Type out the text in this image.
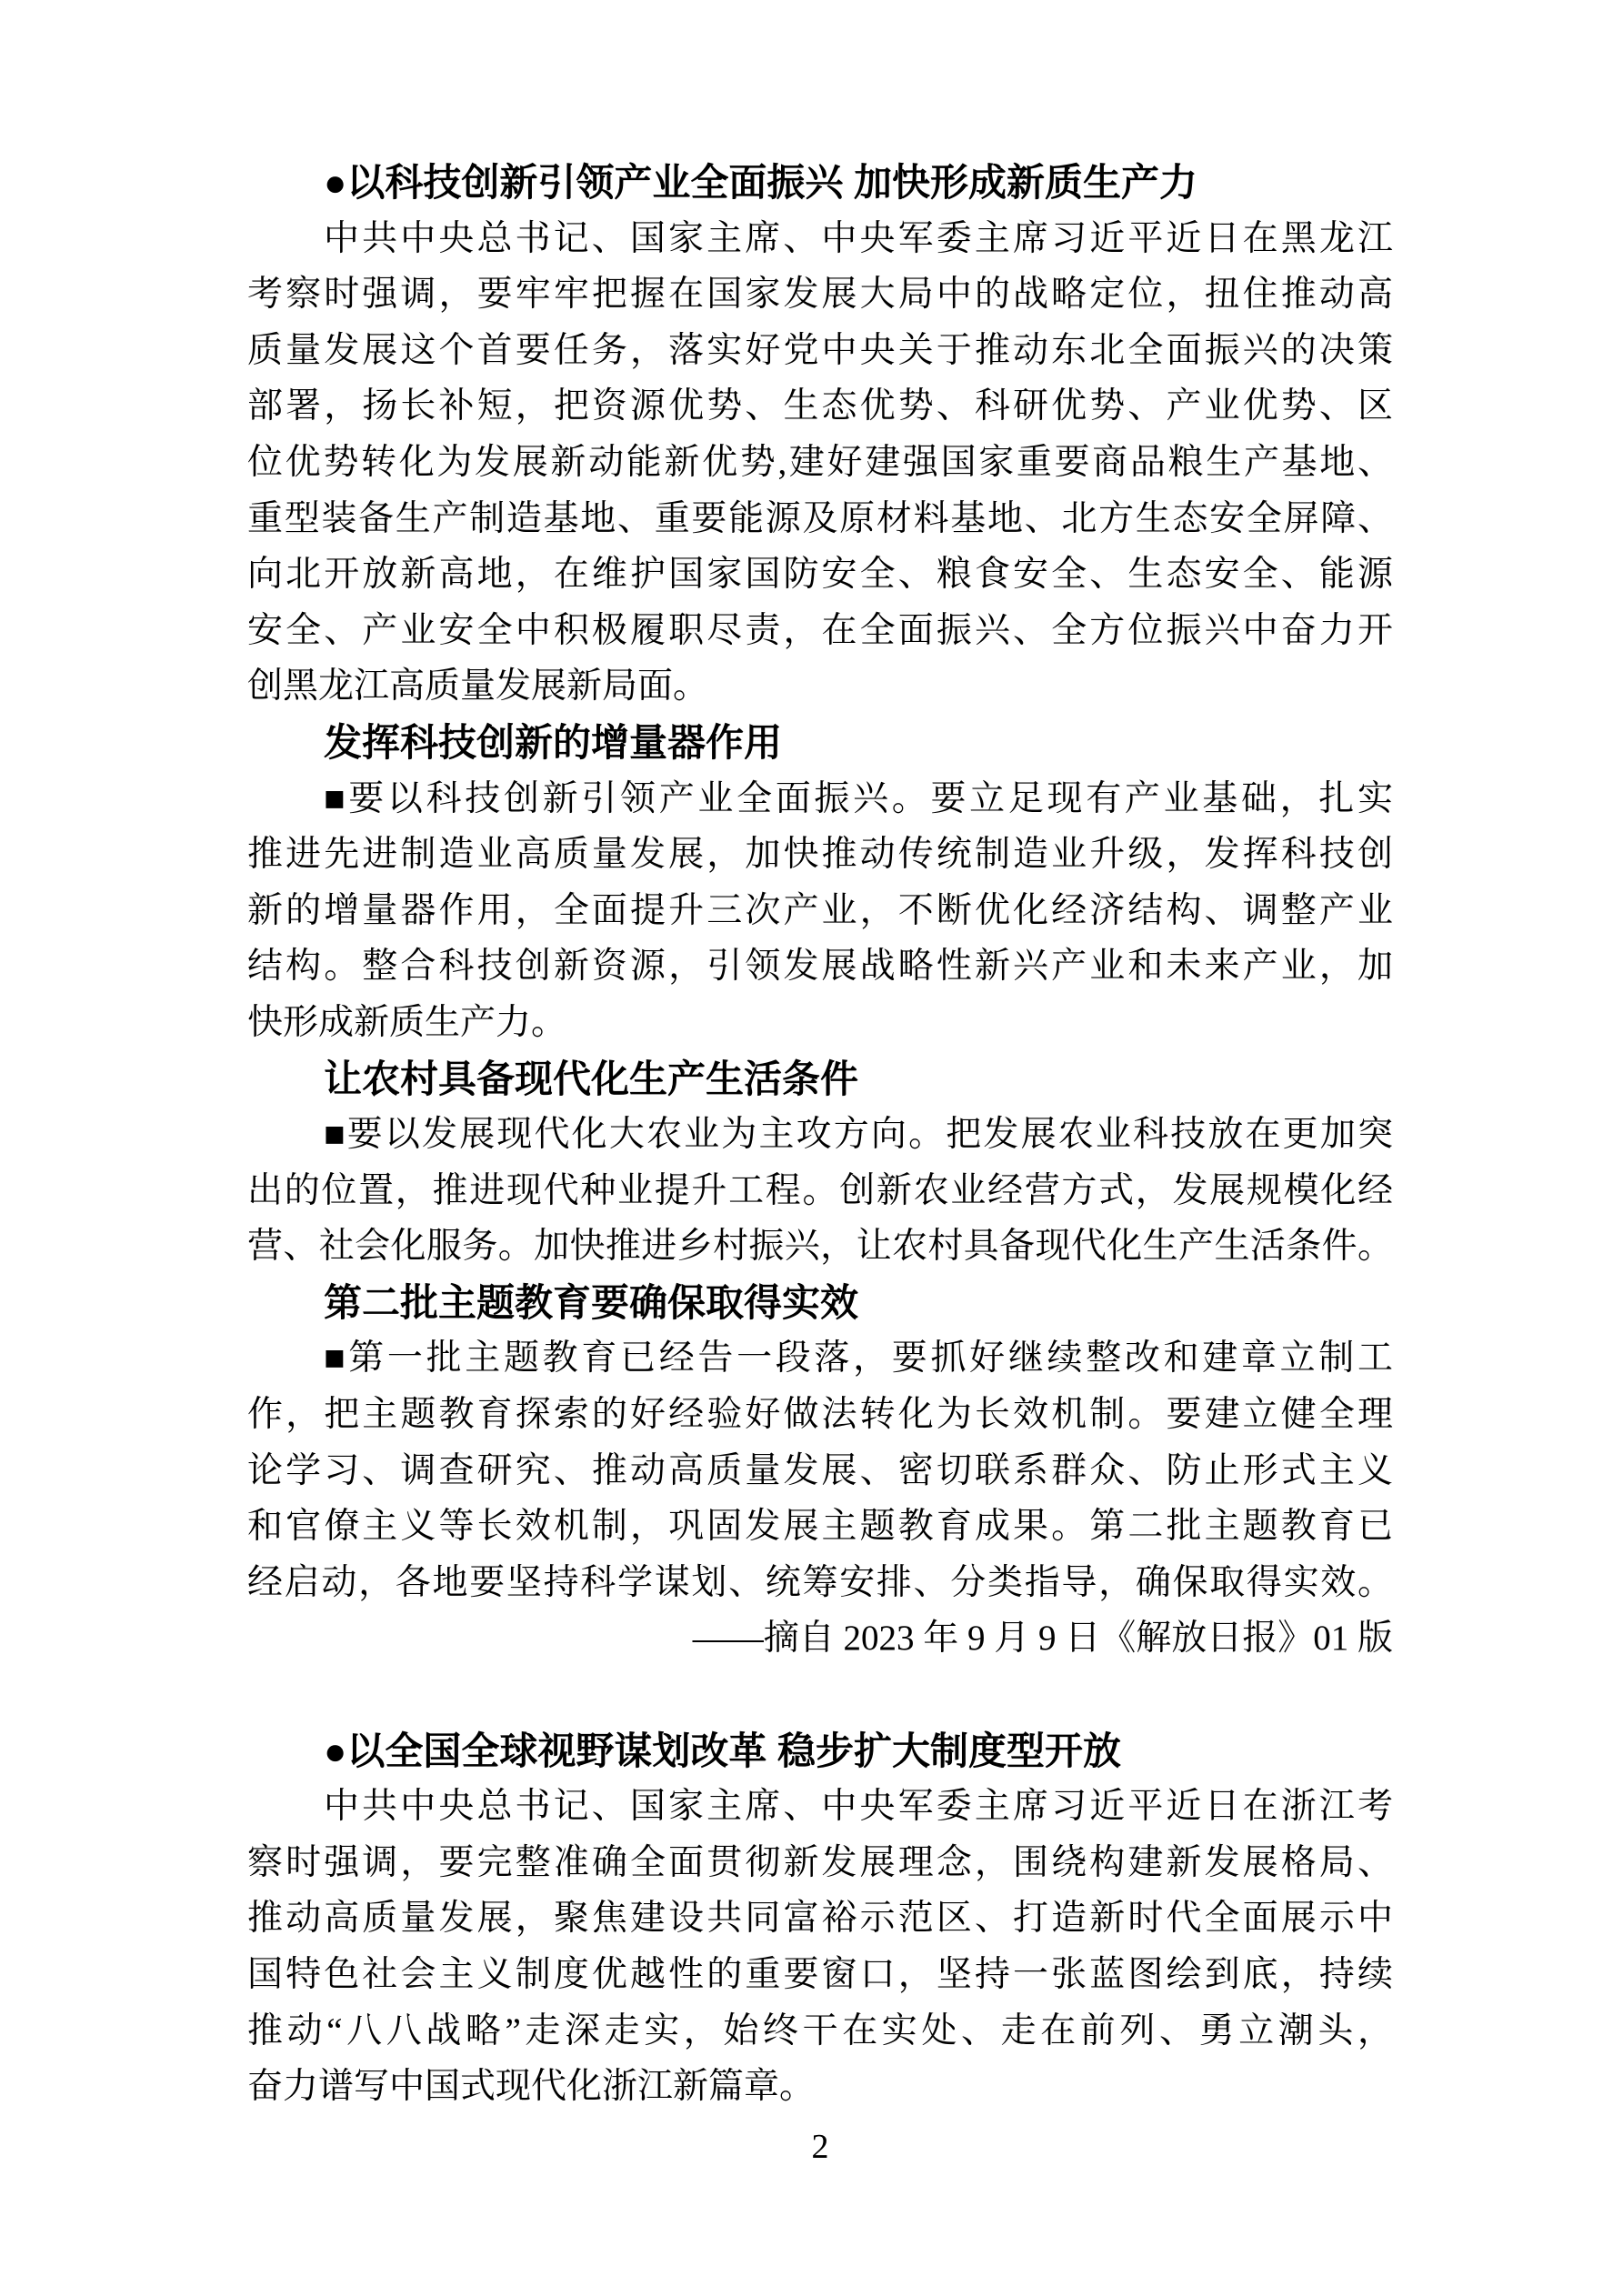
●以科技创新引领产业全面振兴 加快形成新质生产力
中共中央总书记、国家主席、中央军委主席习近平近日在黑龙江
考察时强调，要牢牢把握在国家发展大局中的战略定位，扭住推动高
质量发展这个首要任务，落实好党中央关于推动东北全面振兴的决策
部署，扬长补短，把资源优势、生态优势、科研优势、产业优势、区
位优势转化为发展新动能新优势,建好建强国家重要商品粮生产基地、
重型装备生产制造基地、重要能源及原材料基地、北方生态安全屏障、
向北开放新高地，在维护国家国防安全、粮食安全、生态安全、能源
安全、产业安全中积极履职尽责，在全面振兴、全方位振兴中奋力开
创黑龙江高质量发展新局面。
发挥科技创新的增量器作用
■要以科技创新引领产业全面振兴。要立足现有产业基础，扎实
推进先进制造业高质量发展，加快推动传统制造业升级，发挥科技创
新的增量器作用，全面提升三次产业，不断优化经济结构、调整产业
结构。整合科技创新资源，引领发展战略性新兴产业和未来产业，加
快形成新质生产力。
让农村具备现代化生产生活条件
■要以发展现代化大农业为主攻方向。把发展农业科技放在更加突
出的位置，推进现代种业提升工程。创新农业经营方式，发展规模化经
营、社会化服务。加快推进乡村振兴，让农村具备现代化生产生活条件。
第二批主题教育要确保取得实效
■第一批主题教育已经告一段落，要抓好继续整改和建章立制工
作，把主题教育探索的好经验好做法转化为长效机制。要建立健全理
论学习、调查研究、推动高质量发展、密切联系群众、防止形式主义
和官僚主义等长效机制，巩固发展主题教育成果。第二批主题教育已
经启动，各地要坚持科学谋划、统筹安排、分类指导，确保取得实效。
——摘自 2023 年 9 月 9 日《解放日报》01 版
●以全国全球视野谋划改革 稳步扩大制度型开放
中共中央总书记、国家主席、中央军委主席习近平近日在浙江考
察时强调，要完整准确全面贯彻新发展理念，围绕构建新发展格局、
推动高质量发展，聚焦建设共同富裕示范区、打造新时代全面展示中
国特色社会主义制度优越性的重要窗口，坚持一张蓝图绘到底，持续
推动“八八战略”走深走实，始终干在实处、走在前列、勇立潮头，
奋力谱写中国式现代化浙江新篇章。
2
